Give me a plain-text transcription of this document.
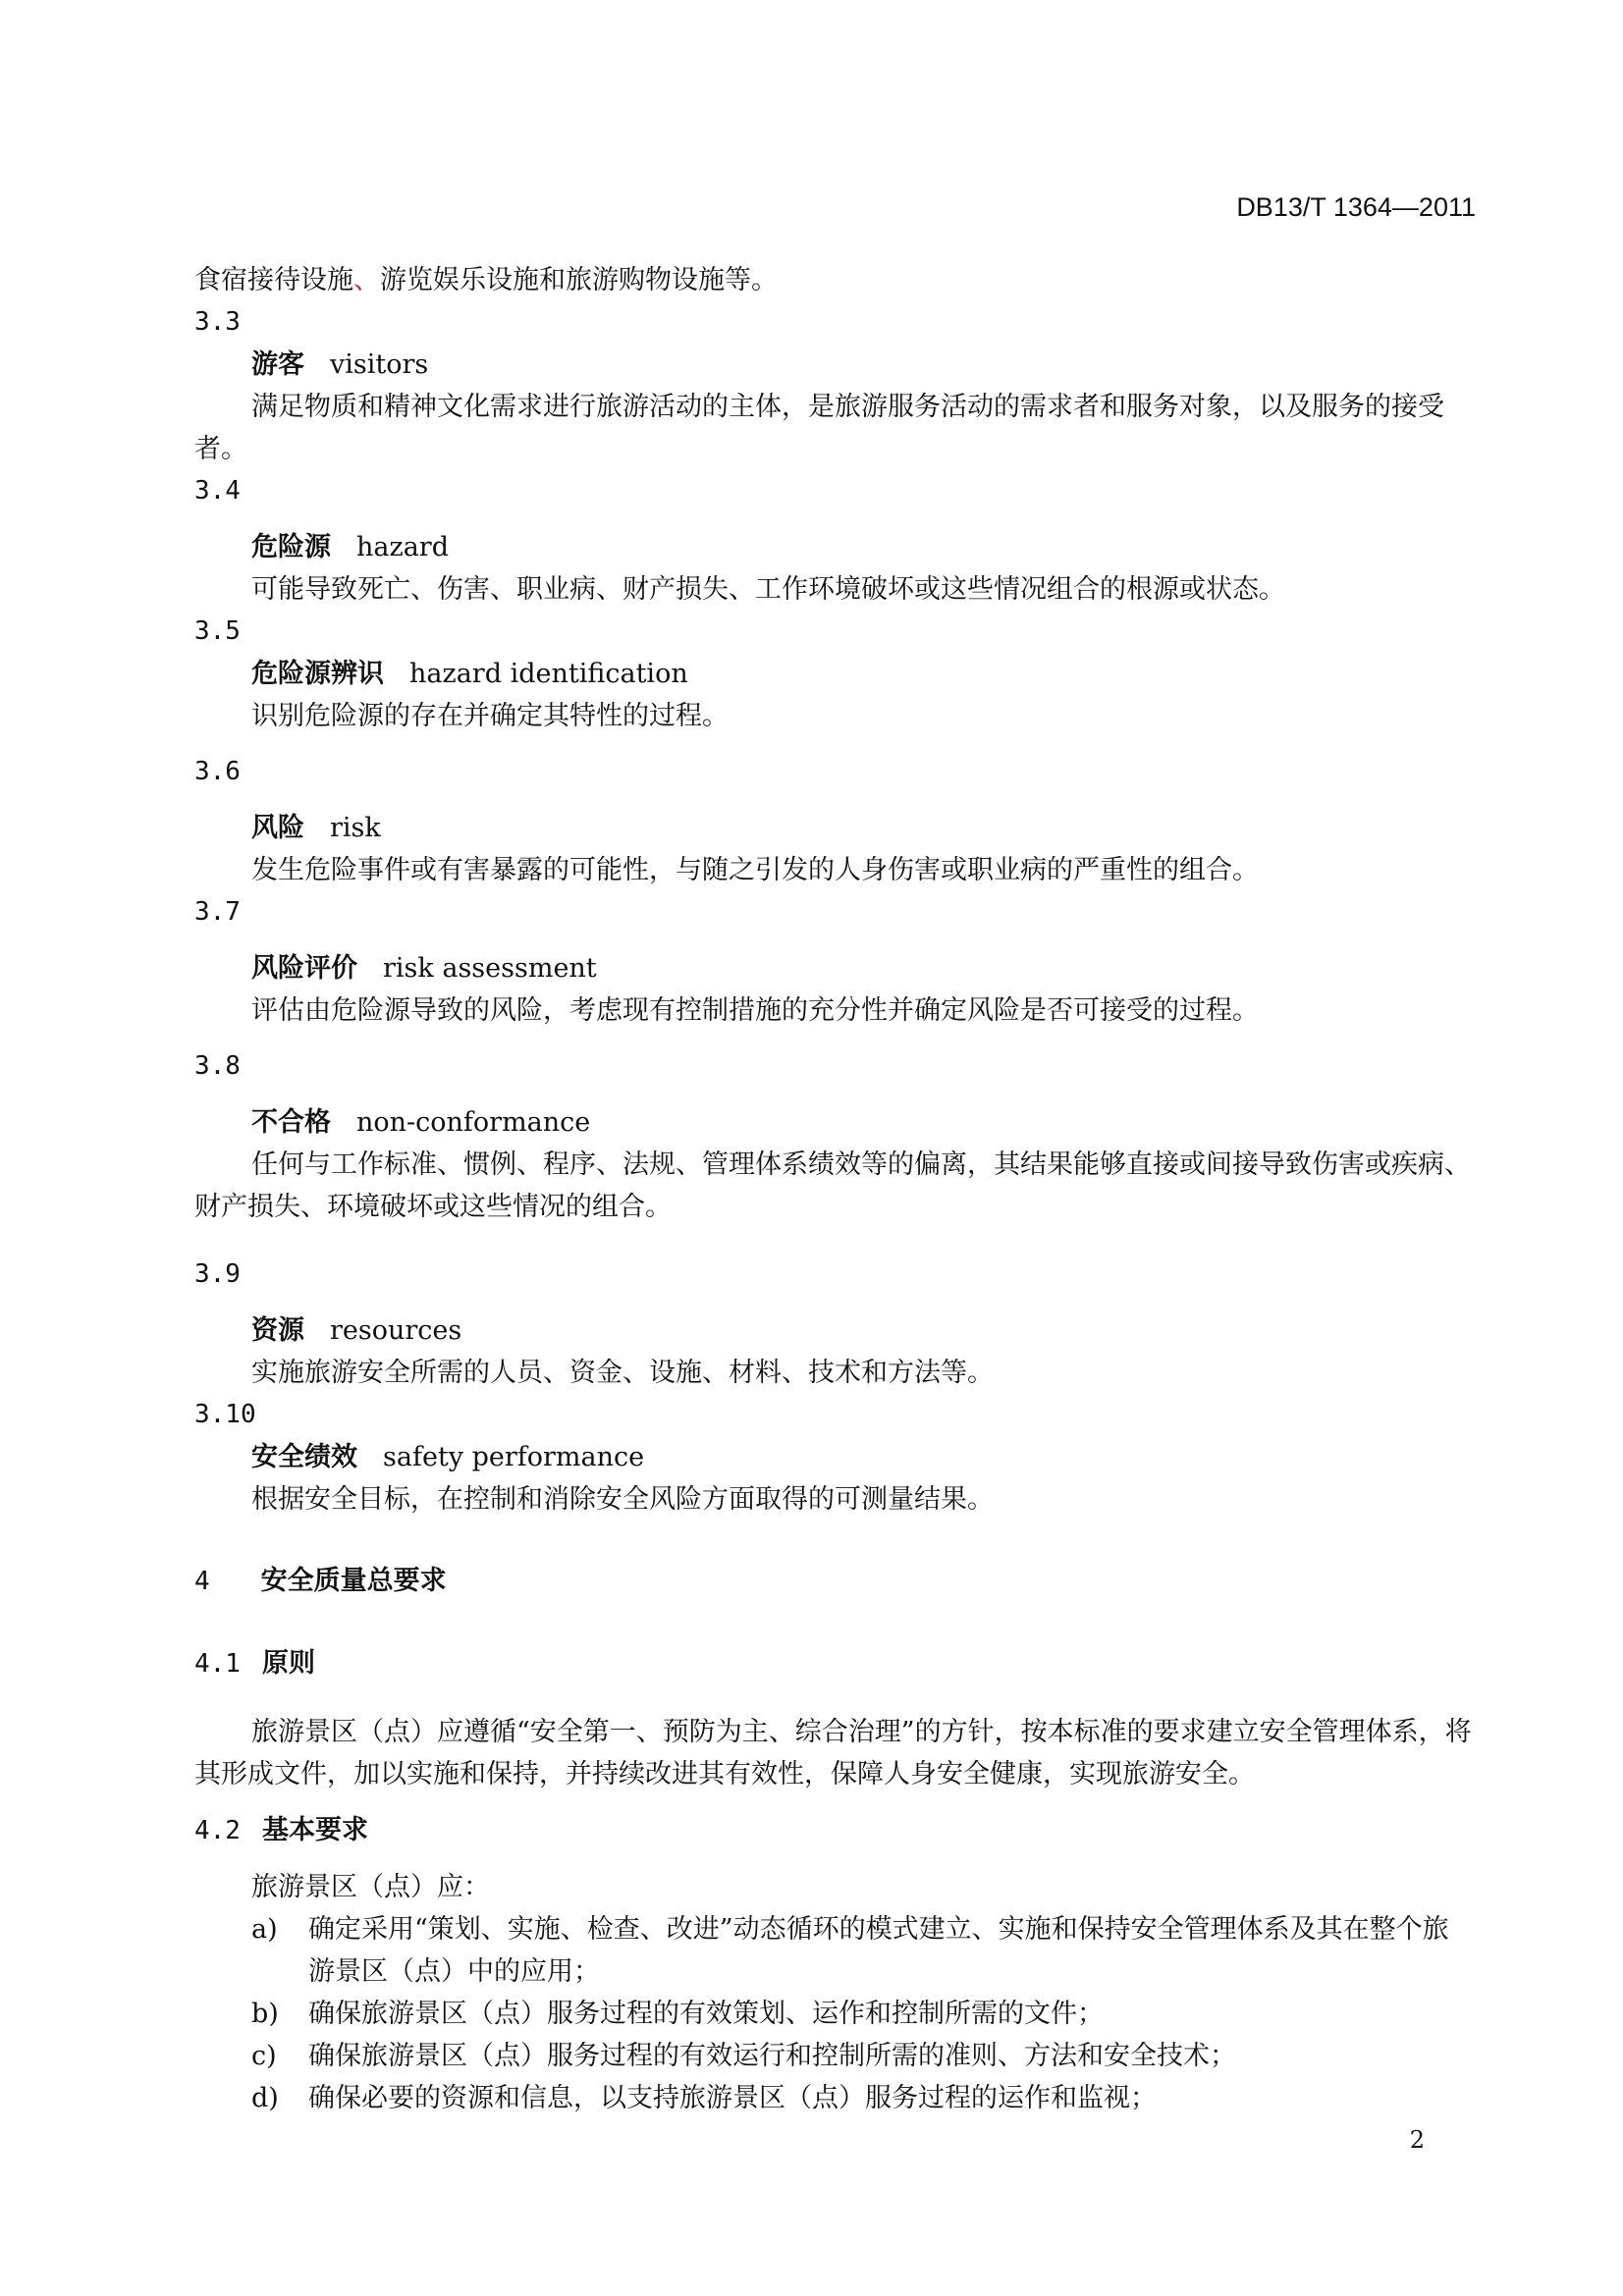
DB13/T 1364—2011

食宿接待设施、游览娱乐设施和旅游购物设施等。

3.3

游客 visitors

满足物质和精神文化需求进行旅游活动的主体，是旅游服务活动的需求者和服务对象，以及服务的接受者。

3.4

危险源 hazard

可能导致死亡、伤害、职业病、财产损失、工作环境破坏或这些情况组合的根源或状态。

3.5

危险源辨识 hazard identification

识别危险源的存在并确定其特性的过程。

3.6

风险 risk

发生危险事件或有害暴露的可能性，与随之引发的人身伤害或职业病的严重性的组合。

3.7

风险评价 risk assessment

评估由危险源导致的风险，考虑现有控制措施的充分性并确定风险是否可接受的过程。

3.8

不合格 non-conformance

任何与工作标准、惯例、程序、法规、管理体系绩效等的偏离，其结果能够直接或间接导致伤害或疾病、财产损失、环境破坏或这些情况的组合。

3.9

资源 resources

实施旅游安全所需的人员、资金、设施、材料、技术和方法等。

3.10

安全绩效 safety performance

根据安全目标，在控制和消除安全风险方面取得的可测量结果。

4 安全质量总要求

4.1 原则

旅游景区（点）应遵循“安全第一、预防为主、综合治理”的方针，按本标准的要求建立安全管理体系，将其形成文件，加以实施和保持，并持续改进其有效性，保障人身安全健康，实现旅游安全。

4.2 基本要求

旅游景区（点）应：

a) 确定采用“策划、实施、检查、改进”动态循环的模式建立、实施和保持安全管理体系及其在整个旅游景区（点）中的应用；

b) 确保旅游景区（点）服务过程的有效策划、运作和控制所需的文件；

c) 确保旅游景区（点）服务过程的有效运行和控制所需的准则、方法和安全技术；

d) 确保必要的资源和信息，以支持旅游景区（点）服务过程的运作和监视；

2
